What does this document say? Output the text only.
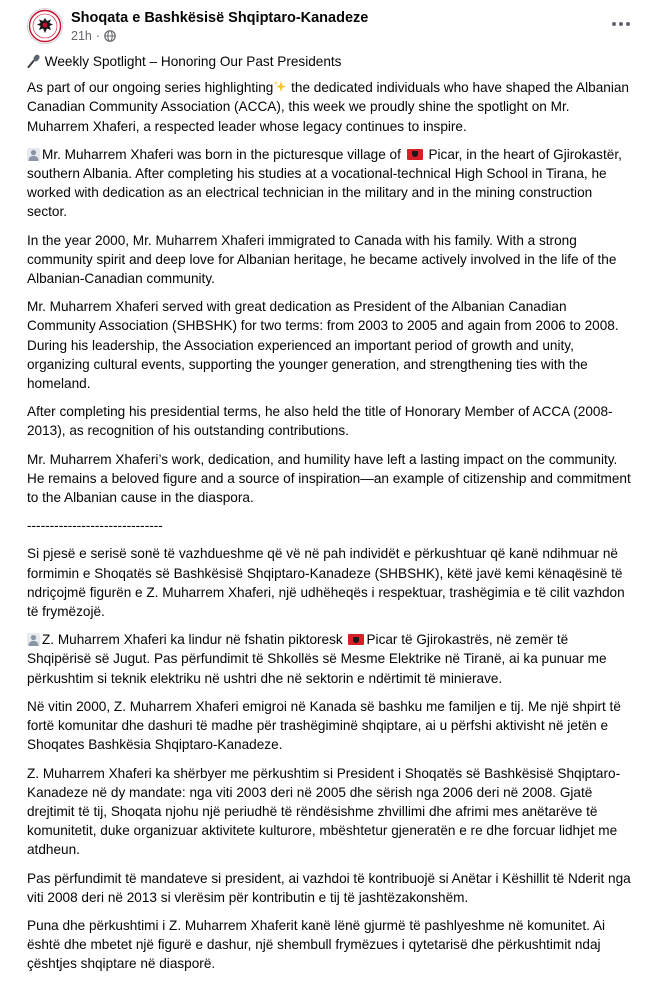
Shoqata e Bashkësisë Shqiptaro-Kanadeze
21h ·

Weekly Spotlight – Honoring Our Past Presidents

As part of our ongoing series highlighting the dedicated individuals who have shaped the Albanian Canadian Community Association (ACCA), this week we proudly shine the spotlight on Mr. Muharrem Xhaferi, a respected leader whose legacy continues to inspire.

Mr. Muharrem Xhaferi was born in the picturesque village of  Picar, in the heart of Gjirokastër, southern Albania. After completing his studies at a vocational-technical High School in Tirana, he worked with dedication as an electrical technician in the military and in the mining construction sector.

In the year 2000, Mr. Muharrem Xhaferi immigrated to Canada with his family. With a strong community spirit and deep love for Albanian heritage, he became actively involved in the life of the Albanian-Canadian community.

Mr. Muharrem Xhaferi served with great dedication as President of the Albanian Canadian Community Association (SHBSHK) for two terms: from 2003 to 2005 and again from 2006 to 2008. During his leadership, the Association experienced an important period of growth and unity, organizing cultural events, supporting the younger generation, and strengthening ties with the homeland.

After completing his presidential terms, he also held the title of Honorary Member of ACCA (2008-2013), as recognition of his outstanding contributions.

Mr. Muharrem Xhaferi’s work, dedication, and humility have left a lasting impact on the community. He remains a beloved figure and a source of inspiration—an example of citizenship and commitment to the Albanian cause in the diaspora.

------------------------------

Si pjesë e serisë sonë të vazhdueshme që vë në pah individët e përkushtuar që kanë ndihmuar në formimin e Shoqatës së Bashkësisë Shqiptaro-Kanadeze (SHBSHK), këtë javë kemi kënaqësinë të ndriçojmë figurën e Z. Muharrem Xhaferi, një udhëheqës i respektuar, trashëgimia e të cilit vazhdon të frymëzojë.

Z. Muharrem Xhaferi ka lindur në fshatin piktoresk Picar të Gjirokastrës, në zemër të Shqipërisë së Jugut. Pas përfundimit të Shkollës së Mesme Elektrike në Tiranë, ai ka punuar me përkushtim si teknik elektriku në ushtri dhe në sektorin e ndërtimit të minierave.

Në vitin 2000, Z. Muharrem Xhaferi emigroi në Kanada së bashku me familjen e tij. Me një shpirt të fortë komunitar dhe dashuri të madhe për trashëgiminë shqiptare, ai u përfshi aktivisht në jetën e Shoqates Bashkësia Shqiptaro-Kanadeze.

Z. Muharrem Xhaferi ka shërbyer me përkushtim si President i Shoqatës së Bashkësisë Shqiptaro-Kanadeze në dy mandate: nga viti 2003 deri në 2005 dhe sërish nga 2006 deri në 2008. Gjatë drejtimit të tij, Shoqata njohu një periudhë të rëndësishme zhvillimi dhe afrimi mes anëtarëve të komunitetit, duke organizuar aktivitete kulturore, mbështetur gjeneratën e re dhe forcuar lidhjet me atdheun.

Pas përfundimit të mandateve si president, ai vazhdoi të kontribuojë si Anëtar i Këshillit të Nderit nga viti 2008 deri në 2013 si vlerësim për kontributin e tij të jashtëzakonshëm.

Puna dhe përkushtimi i Z. Muharrem Xhaferit kanë lënë gjurmë të pashlyeshme në komunitet. Ai është dhe mbetet një figurë e dashur, një shembull frymëzues i qytetarisë dhe përkushtimit ndaj çështjes shqiptare në diasporë.
